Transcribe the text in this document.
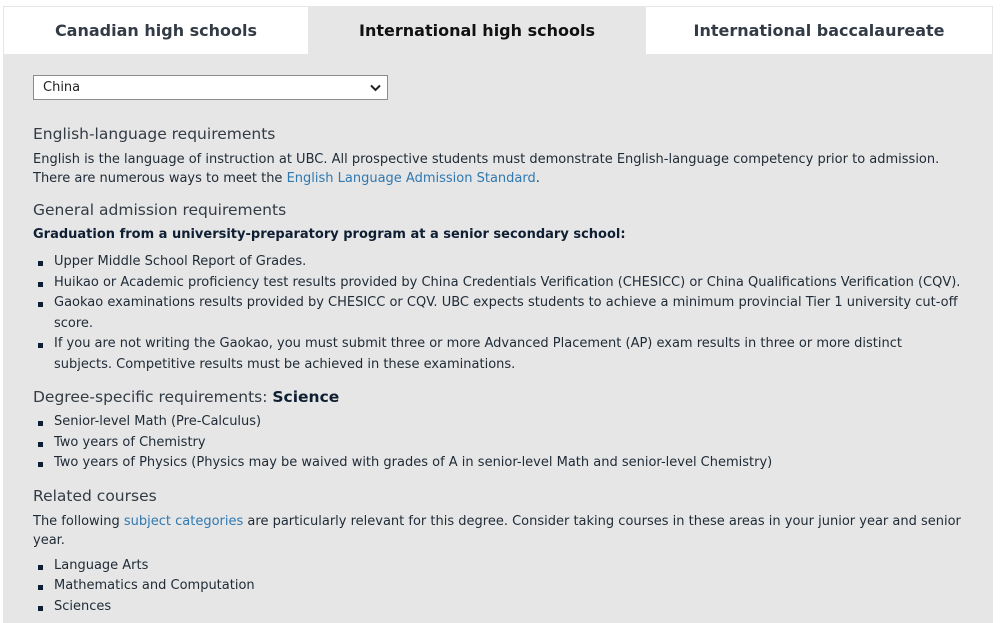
Canadian high schools	International high schools	International baccalaureate
China
English-language requirements

English is the language of instruction at UBC. All prospective students must demonstrate English-language competency prior to admission. There are numerous ways to meet the English Language Admission Standard.

General admission requirements

Graduation from a university-preparatory program at a senior secondary school:

Upper Middle School Report of Grades.
Huikao or Academic proficiency test results provided by China Credentials Verification (CHESICC) or China Qualifications Verification (CQV).
Gaokao examinations results provided by CHESICC or CQV. UBC expects students to achieve a minimum provincial Tier 1 university cut-off score.
If you are not writing the Gaokao, you must submit three or more Advanced Placement (AP) exam results in three or more distinct subjects. Competitive results must be achieved in these examinations.
Degree-specific requirements: Science
Senior-level Math (Pre-Calculus)
Two years of Chemistry
Two years of Physics (Physics may be waived with grades of A in senior-level Math and senior-level Chemistry)
Related courses

The following subject categories are particularly relevant for this degree. Consider taking courses in these areas in your junior year and senior year.

Language Arts
Mathematics and Computation
Sciences
